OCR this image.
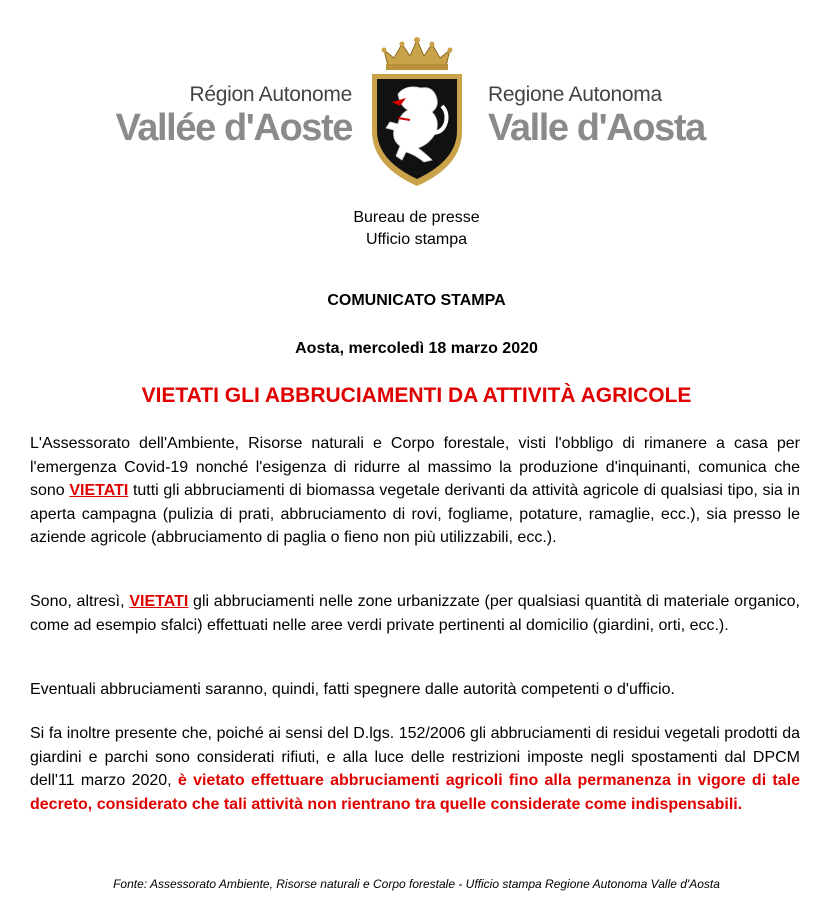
Région Autonome
Vallée d'Aoste
Regione Autonoma
Valle d'Aosta
Bureau de presse
Ufficio stampa
COMUNICATO STAMPA
Aosta, mercoledì 18 marzo 2020
VIETATI GLI ABBRUCIAMENTI DA ATTIVITÀ AGRICOLE
L'Assessorato dell'Ambiente, Risorse naturali e Corpo forestale, visti l'obbligo di rimanere a casa per l'emergenza Covid-19 nonché l'esigenza di ridurre al massimo la produzione d'inquinanti, comunica che sono VIETATI tutti gli abbruciamenti di biomassa vegetale derivanti da attività agricole di qualsiasi tipo, sia in aperta campagna (pulizia di prati, abbruciamento di rovi, fogliame, potature, ramaglie, ecc.), sia presso le aziende agricole (abbruciamento di paglia o fieno non più utilizzabili, ecc.).
Sono, altresì, VIETATI gli abbruciamenti nelle zone urbanizzate (per qualsiasi quantità di materiale organico, come ad esempio sfalci) effettuati nelle aree verdi private pertinenti al domicilio (giardini, orti, ecc.).
Eventuali abbruciamenti saranno, quindi, fatti spegnere dalle autorità competenti o d'ufficio.
Si fa inoltre presente che, poiché ai sensi del D.lgs. 152/2006 gli abbruciamenti di residui vegetali prodotti da giardini e parchi sono considerati rifiuti, e alla luce delle restrizioni imposte negli spostamenti dal DPCM dell'11 marzo 2020, è vietato effettuare abbruciamenti agricoli fino alla permanenza in vigore di tale decreto, considerato che tali attività non rientrano tra quelle considerate come indispensabili.
Fonte: Assessorato Ambiente, Risorse naturali e Corpo forestale - Ufficio stampa Regione Autonoma Valle d'Aosta
